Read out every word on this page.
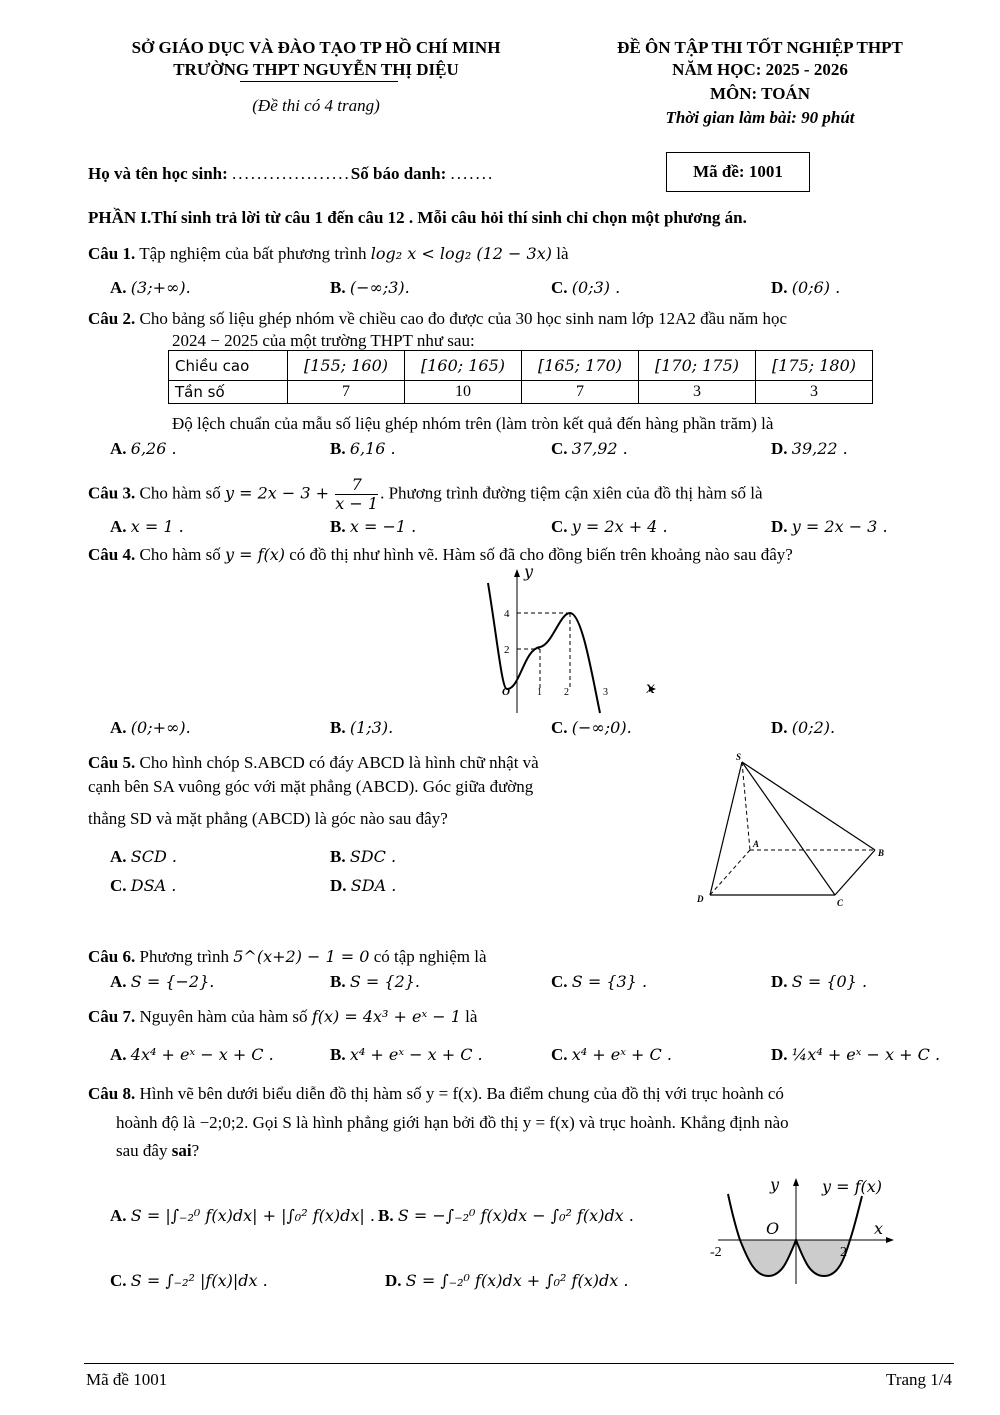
SỞ GIÁO DỤC VÀ ĐÀO TẠO TP HỒ CHÍ MINH
TRƯỜNG THPT NGUYỄN THỊ DIỆU
(Đề thi có 4 trang)
ĐỀ ÔN TẬP THI TỐT NGHIỆP THPT
NĂM HỌC: 2025 - 2026
MÔN: TOÁN
Thời gian làm bài: 90 phút
Họ và tên học sinh: ...................Số báo danh: .......	Mã đề: 1001
PHẦN I.Thí sinh trả lời từ câu 1 đến câu 12 . Mỗi câu hỏi thí sinh chỉ chọn một phương án.
Câu 1. Tập nghiệm của bất phương trình log₂ x < log₂ (12 − 3x) là
A. (3;+∞).	B. (−∞;3).	C. (0;3) .	D. (0;6) .
Câu 2. Cho bảng số liệu ghép nhóm về chiều cao đo được của 30 học sinh nam lớp 12A2 đầu năm học
2024 − 2025 của một trường THPT như sau:
Chiều cao	[155; 160)	[160; 165)	[165; 170)	[170; 175)	[175; 180)
Tần số	7	10	7	3	3
Độ lệch chuẩn của mẫu số liệu ghép nhóm trên (làm tròn kết quả đến hàng phần trăm) là
A. 6,26 .	B. 6,16 .	C. 37,92 .	D. 39,22 .
Câu 3. Cho hàm số $y = 2x - 3 + \frac{7}{x - 1}$ . Phương trình đường tiệm cận xiên của đồ thị hàm số là
A. x = 1 .	B. x = −1 .	C. y = 2x + 4 .	D. y = 2x − 3 .
Câu 4. Cho hàm số y = f(x) có đồ thị như hình vẽ. Hàm số đã cho đồng biến trên khoảng nào sau đây?
y
x
O
4
2
1 2	3
A. (0;+∞).	B. (1;3).	C. (−∞;0).	D. (0;2).
Câu 5. Cho hình chóp S.ABCD có đáy ABCD là hình chữ nhật và
cạnh bên SA vuông góc với mặt phẳng (ABCD). Góc giữa đường
thẳng SD và mặt phẳng (ABCD) là góc nào sau đây?
A. SCD .	B. SDC .
C. DSA .	D. SDA .
S
A
B
C
D
Câu 6. Phương trình 5^(x+2) − 1 = 0 có tập nghiệm là
A. S = {−2}.	B. S = {2}.	C. S = {3} .	D. S = {0} .
Câu 7. Nguyên hàm của hàm số f(x) = 4x³ + eˣ − 1 là
A. 4x⁴ + eˣ − x + C .	B. x⁴ + eˣ − x + C .	C. x⁴ + eˣ + C .	D. ¼x⁴ + eˣ − x + C .
Câu 8. Hình vẽ bên dưới biểu diễn đồ thị hàm số y = f(x). Ba điểm chung của đồ thị với trục hoành có
hoành độ là −2;0;2. Gọi S là hình phẳng giới hạn bởi đồ thị y = f(x) và trục hoành. Khẳng định nào
sau đây sai?
A. S = |∫₋₂⁰ f(x)dx| + |∫₀² f(x)dx| . B. S = −∫₋₂⁰ f(x)dx − ∫₀² f(x)dx .
C. S = ∫₋₂² |f(x)|dx .	D. S = ∫₋₂⁰ f(x)dx + ∫₀² f(x)dx .
y	y = f(x)
O	x
-2	2
Mã đề 1001	Trang 1/4
